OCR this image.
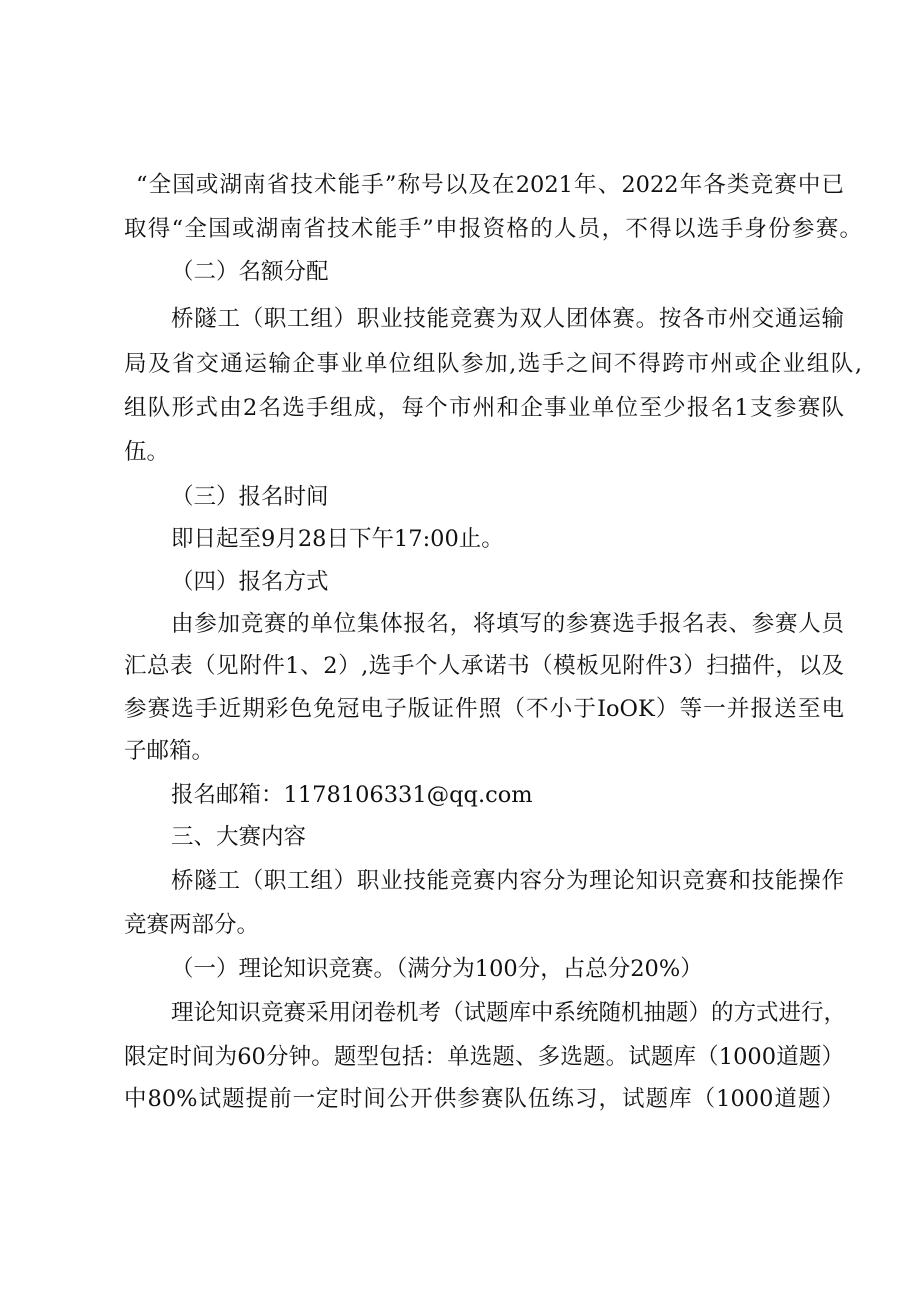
“全国或湖南省技术能手”称号以及在2021年、2022年各类竞赛中已
取得“全国或湖南省技术能手”申报资格的人员，不得以选手身份参赛。
（二）名额分配
桥隧工（职工组）职业技能竞赛为双人团体赛。按各市州交通运输
局及省交通运输企事业单位组队参加,选手之间不得跨市州或企业组队,
组队形式由2名选手组成，每个市州和企事业单位至少报名1支参赛队
伍。
（三）报名时间
即日起至9月28日下午17:00止。
（四）报名方式
由参加竞赛的单位集体报名，将填写的参赛选手报名表、参赛人员
汇总表（见附件1、2）,选手个人承诺书（模板见附件3）扫描件，以及
参赛选手近期彩色免冠电子版证件照（不小于IoOK）等一并报送至电
子邮箱。
报名邮箱：1178106331@qq.com
三、大赛内容
桥隧工（职工组）职业技能竞赛内容分为理论知识竞赛和技能操作
竞赛两部分。
（一）理论知识竞赛。（满分为100分，占总分20%）
理论知识竞赛采用闭卷机考（试题库中系统随机抽题）的方式进行，
限定时间为60分钟。题型包括：单选题、多选题。试题库（1000道题）
中80%试题提前一定时间公开供参赛队伍练习，试题库（1000道题）
